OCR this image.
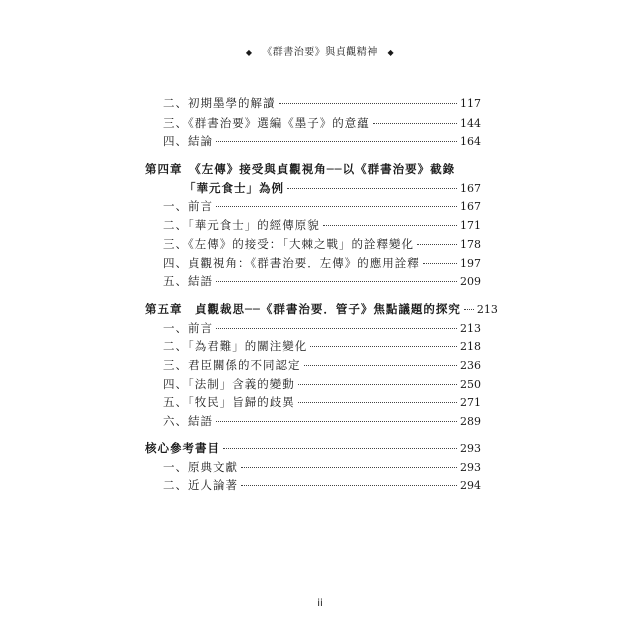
◆ 《群書治要》與貞觀精神 ◆
二、初期墨學的解讀	117
三、《群書治要》選編《墨子》的意蘊	144
四、結論	164
第四章　《左傳》接受與貞觀視角──以《群書治要》截錄
「華元食士」為例	167
一、前言	167
二、「華元食士」的經傳原貌	171
三、《左傳》的接受：「大棘之戰」的詮釋變化	178
四、貞觀視角：《群書治要．左傳》的應用詮釋	197
五、結語	209
第五章　貞觀裁思──《群書治要．管子》焦點議題的探究 213
一、前言	213
二、「為君難」的關注變化	218
三、君臣關係的不同認定	236
四、「法制」含義的變動	250
五、「牧民」旨歸的歧異	271
六、結語	289
核心參考書目	293
一、原典文獻	293
二、近人論著	294
ii
